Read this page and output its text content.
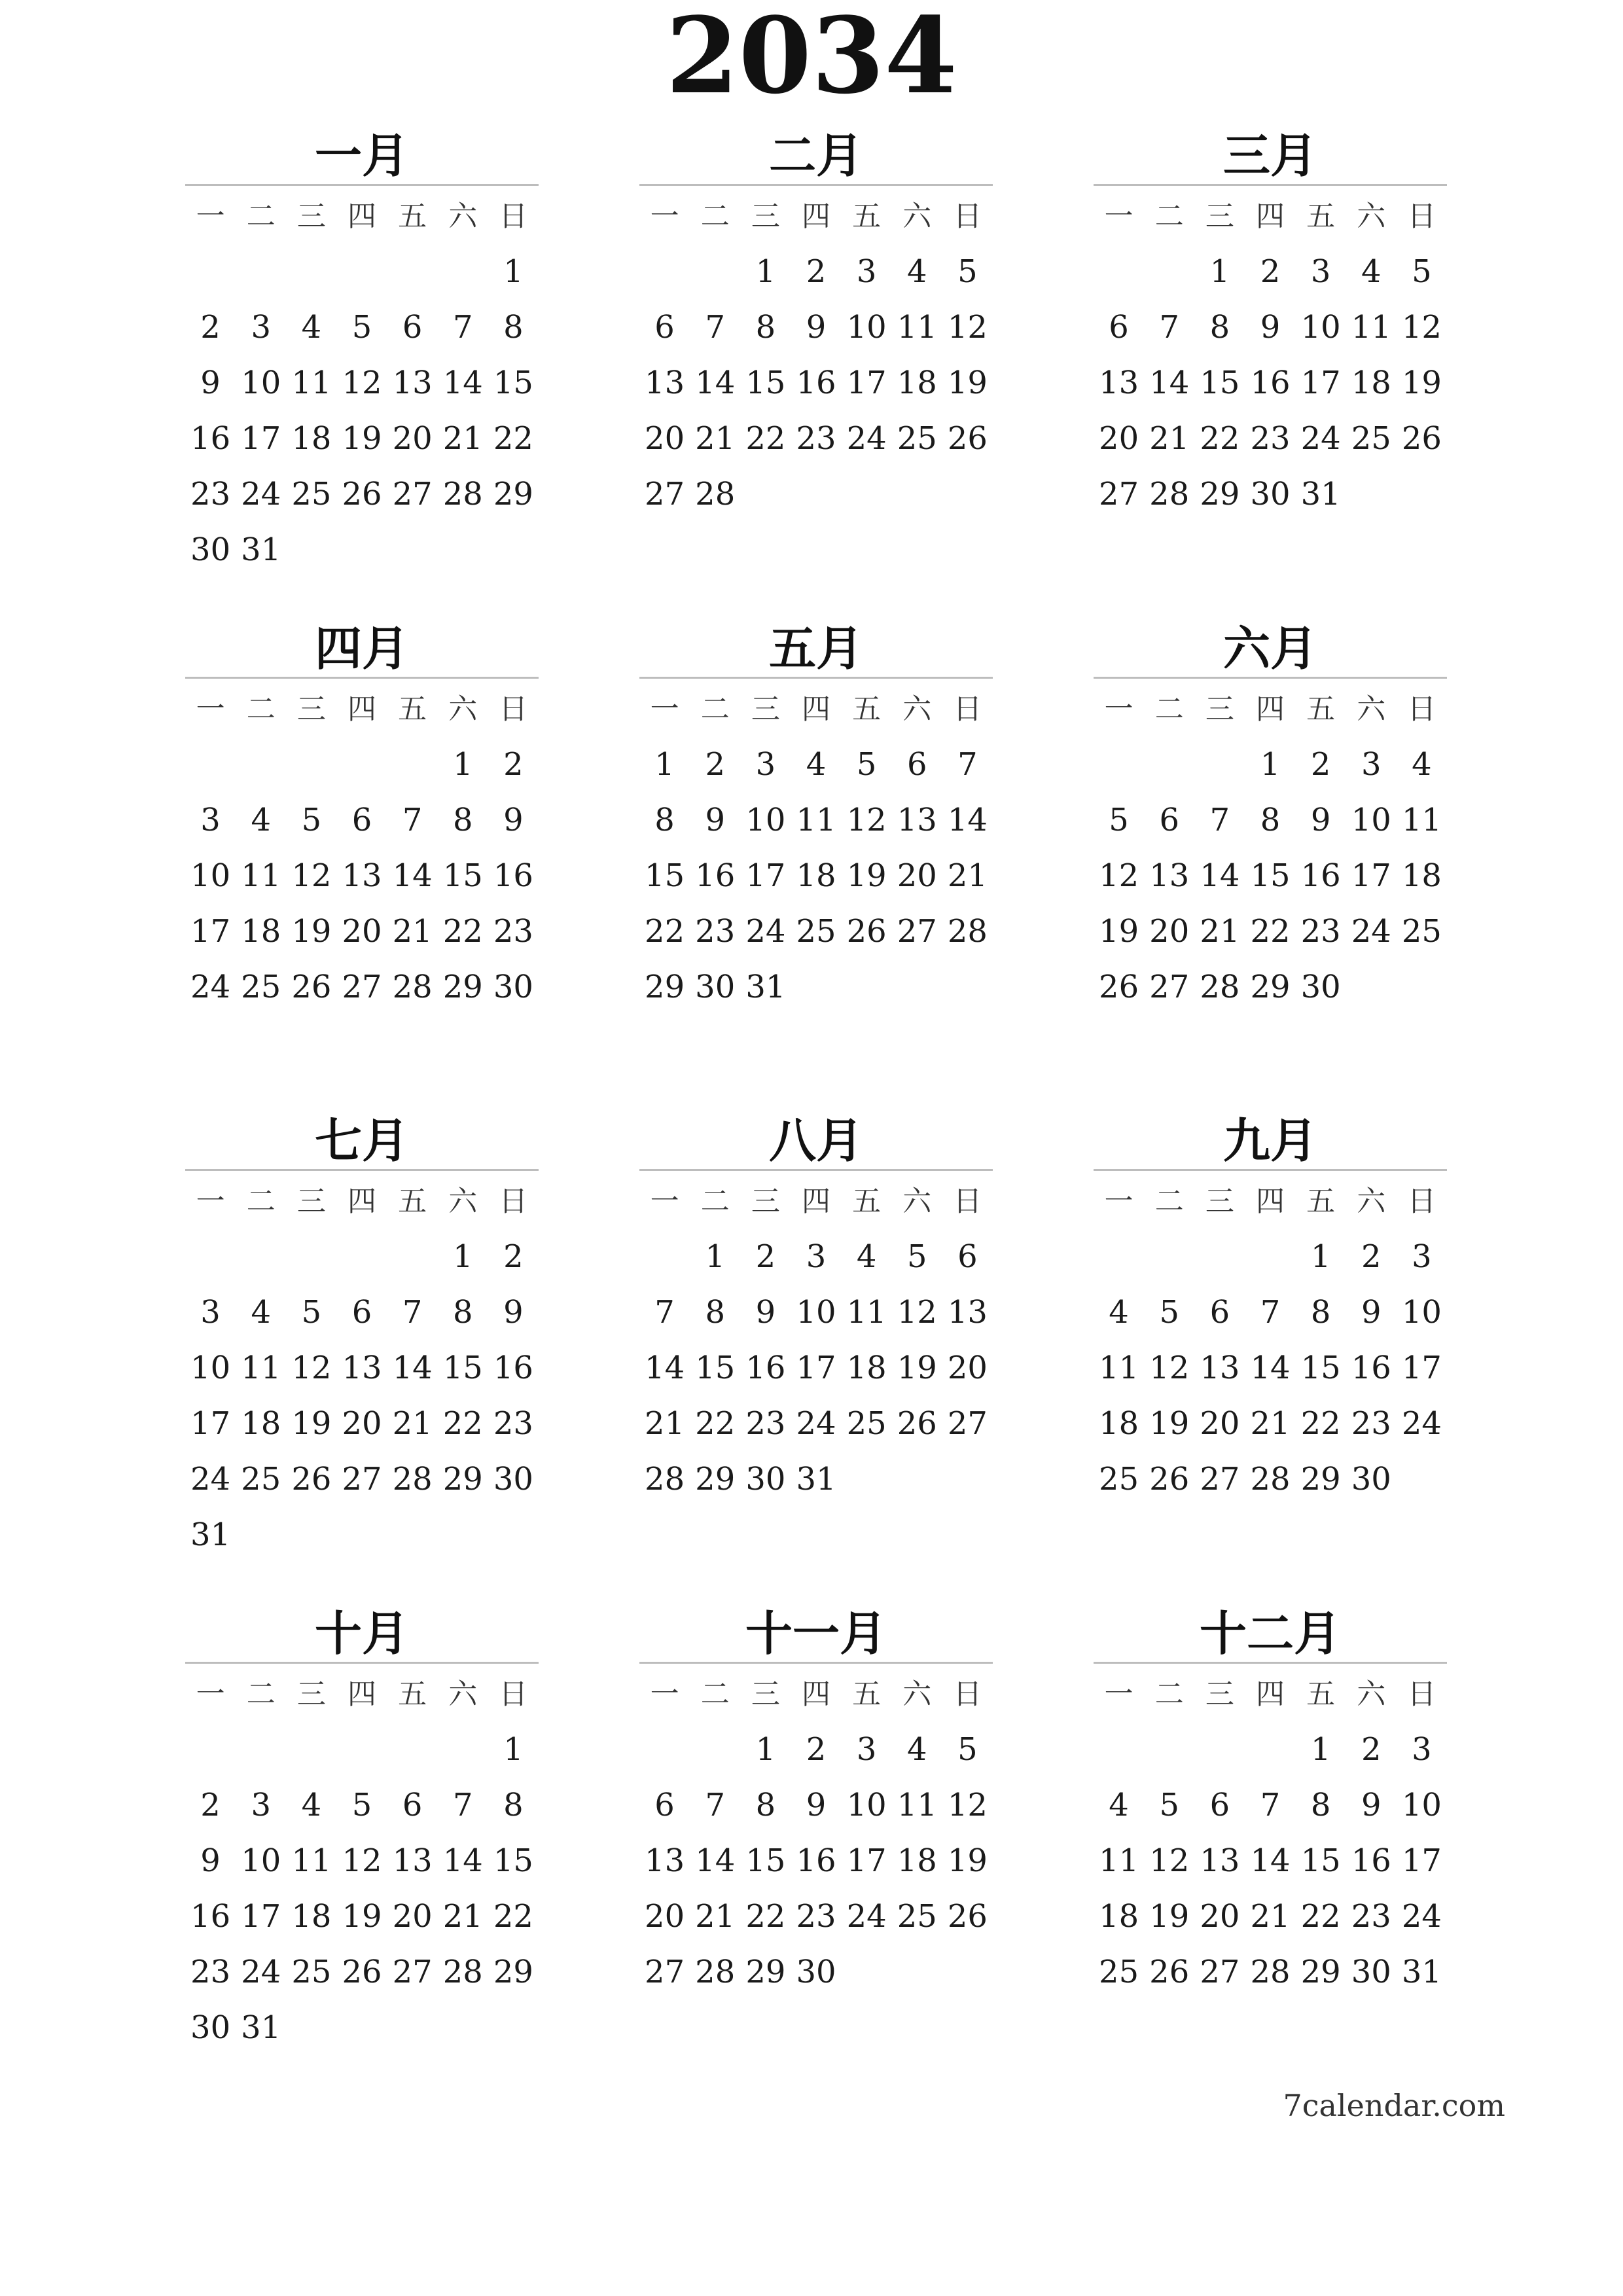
2034
一月
一 二 三 四 五 六 日
1
2 3 4 5 6 7 8
9 10 11 12 13 14 15
16 17 18 19 20 21 22
23 24 25 26 27 28 29
30 31
二月
一 二 三 四 五 六 日
1 2 3 4 5
6 7 8 9 10 11 12
13 14 15 16 17 18 19
20 21 22 23 24 25 26
27 28
三月
一 二 三 四 五 六 日
1 2 3 4 5
6 7 8 9 10 11 12
13 14 15 16 17 18 19
20 21 22 23 24 25 26
27 28 29 30 31
四月
一 二 三 四 五 六 日
1 2
3 4 5 6 7 8 9
10 11 12 13 14 15 16
17 18 19 20 21 22 23
24 25 26 27 28 29 30
五月
一 二 三 四 五 六 日
1 2 3 4 5 6 7
8 9 10 11 12 13 14
15 16 17 18 19 20 21
22 23 24 25 26 27 28
29 30 31
六月
一 二 三 四 五 六 日
1 2 3 4
5 6 7 8 9 10 11
12 13 14 15 16 17 18
19 20 21 22 23 24 25
26 27 28 29 30
七月
一 二 三 四 五 六 日
1 2
3 4 5 6 7 8 9
10 11 12 13 14 15 16
17 18 19 20 21 22 23
24 25 26 27 28 29 30
31
八月
一 二 三 四 五 六 日
1 2 3 4 5 6
7 8 9 10 11 12 13
14 15 16 17 18 19 20
21 22 23 24 25 26 27
28 29 30 31
九月
一 二 三 四 五 六 日
1 2 3
4 5 6 7 8 9 10
11 12 13 14 15 16 17
18 19 20 21 22 23 24
25 26 27 28 29 30
十月
一 二 三 四 五 六 日
1
2 3 4 5 6 7 8
9 10 11 12 13 14 15
16 17 18 19 20 21 22
23 24 25 26 27 28 29
30 31
十一月
一 二 三 四 五 六 日
1 2 3 4 5
6 7 8 9 10 11 12
13 14 15 16 17 18 19
20 21 22 23 24 25 26
27 28 29 30
十二月
一 二 三 四 五 六 日
1 2 3
4 5 6 7 8 9 10
11 12 13 14 15 16 17
18 19 20 21 22 23 24
25 26 27 28 29 30 31
7calendar.com
